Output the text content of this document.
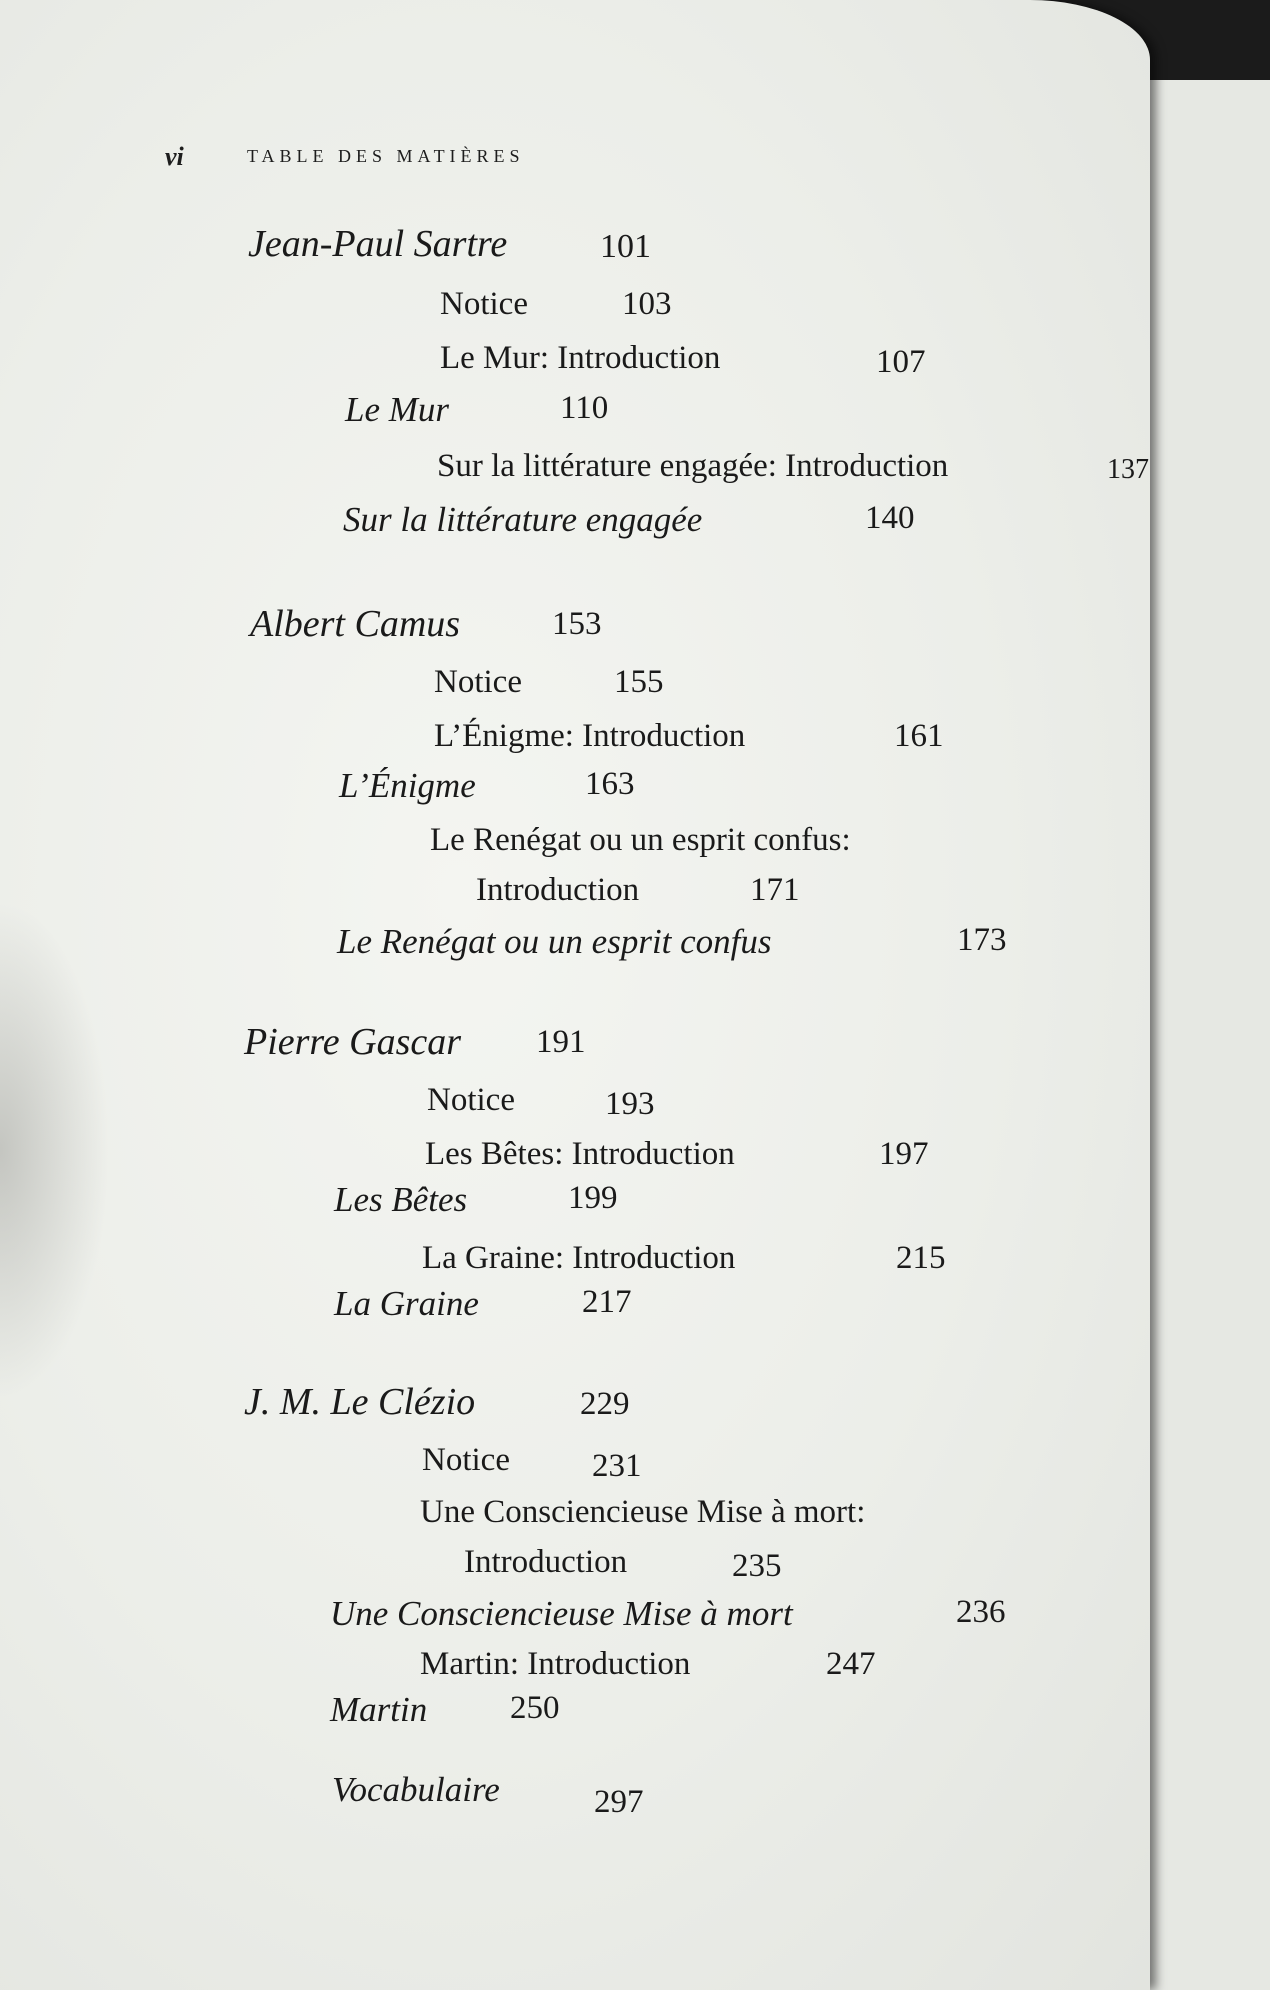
vi	TABLE DES MATIÈRES
Jean-Paul Sartre	101
Notice	103
Le Mur: Introduction	107
Le Mur	110
Sur la littérature engagée: Introduction	137
Sur la littérature engagée	140
Albert Camus	153
Notice	155
L’Énigme: Introduction	161
L’Énigme	163
Le Renégat ou un esprit confus:
Introduction	171
Le Renégat ou un esprit confus	173
Pierre Gascar 191
Notice	193
Les Bêtes: Introduction	197
Les Bêtes	199
La Graine: Introduction	215
La Graine	217
J. M. Le Clézio	229
Notice 231
Une Consciencieuse Mise à mort:
Introduction	235
Une Consciencieuse Mise à mort	236
Martin: Introduction	247
Martin	250
Vocabulaire	297
